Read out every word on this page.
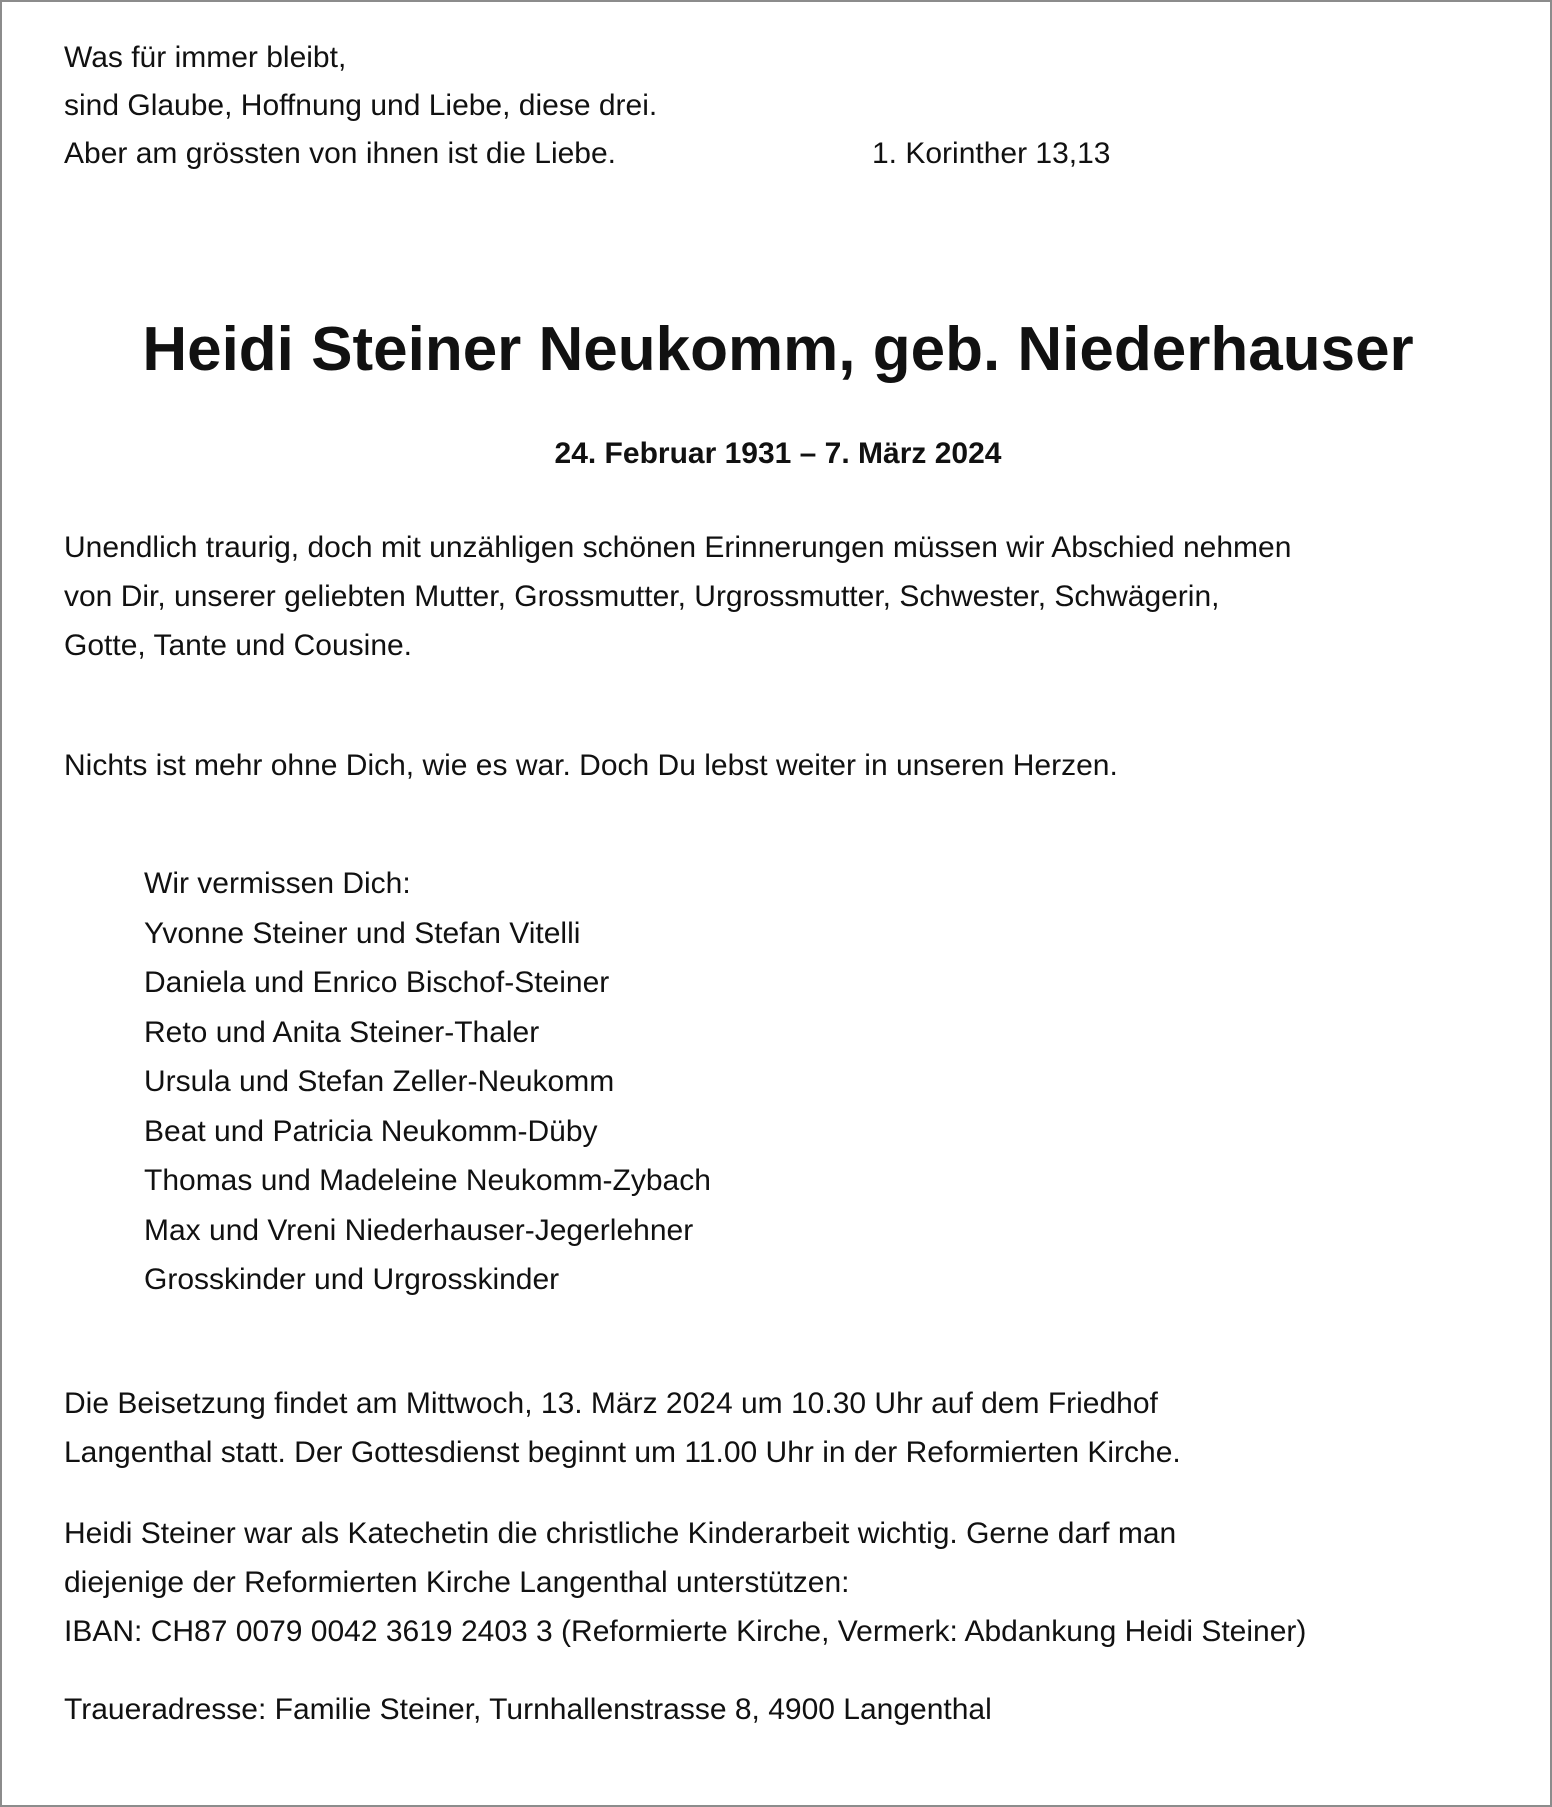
Was für immer bleibt,
sind Glaube, Hoffnung und Liebe, diese drei.
Aber am grössten von ihnen ist die Liebe.	1. Korinther 13,13
Heidi Steiner Neukomm, geb. Niederhauser
24. Februar 1931 – 7. März 2024
Unendlich traurig, doch mit unzähligen schönen Erinnerungen müssen wir Abschied nehmen
von Dir, unserer geliebten Mutter, Grossmutter, Urgrossmutter, Schwester, Schwägerin,
Gotte, Tante und Cousine.
Nichts ist mehr ohne Dich, wie es war. Doch Du lebst weiter in unseren Herzen.
Wir vermissen Dich:
Yvonne Steiner und Stefan Vitelli
Daniela und Enrico Bischof-Steiner
Reto und Anita Steiner-Thaler
Ursula und Stefan Zeller-Neukomm
Beat und Patricia Neukomm-Düby
Thomas und Madeleine Neukomm-Zybach
Max und Vreni Niederhauser-Jegerlehner
Grosskinder und Urgrosskinder
Die Beisetzung findet am Mittwoch, 13. März 2024 um 10.30 Uhr auf dem Friedhof
Langenthal statt. Der Gottesdienst beginnt um 11.00 Uhr in der Reformierten Kirche.
Heidi Steiner war als Katechetin die christliche Kinderarbeit wichtig. Gerne darf man
diejenige der Reformierten Kirche Langenthal unterstützen:
IBAN: CH87 0079 0042 3619 2403 3 (Reformierte Kirche, Vermerk: Abdankung Heidi Steiner)
Traueradresse: Familie Steiner, Turnhallenstrasse 8, 4900 Langenthal
